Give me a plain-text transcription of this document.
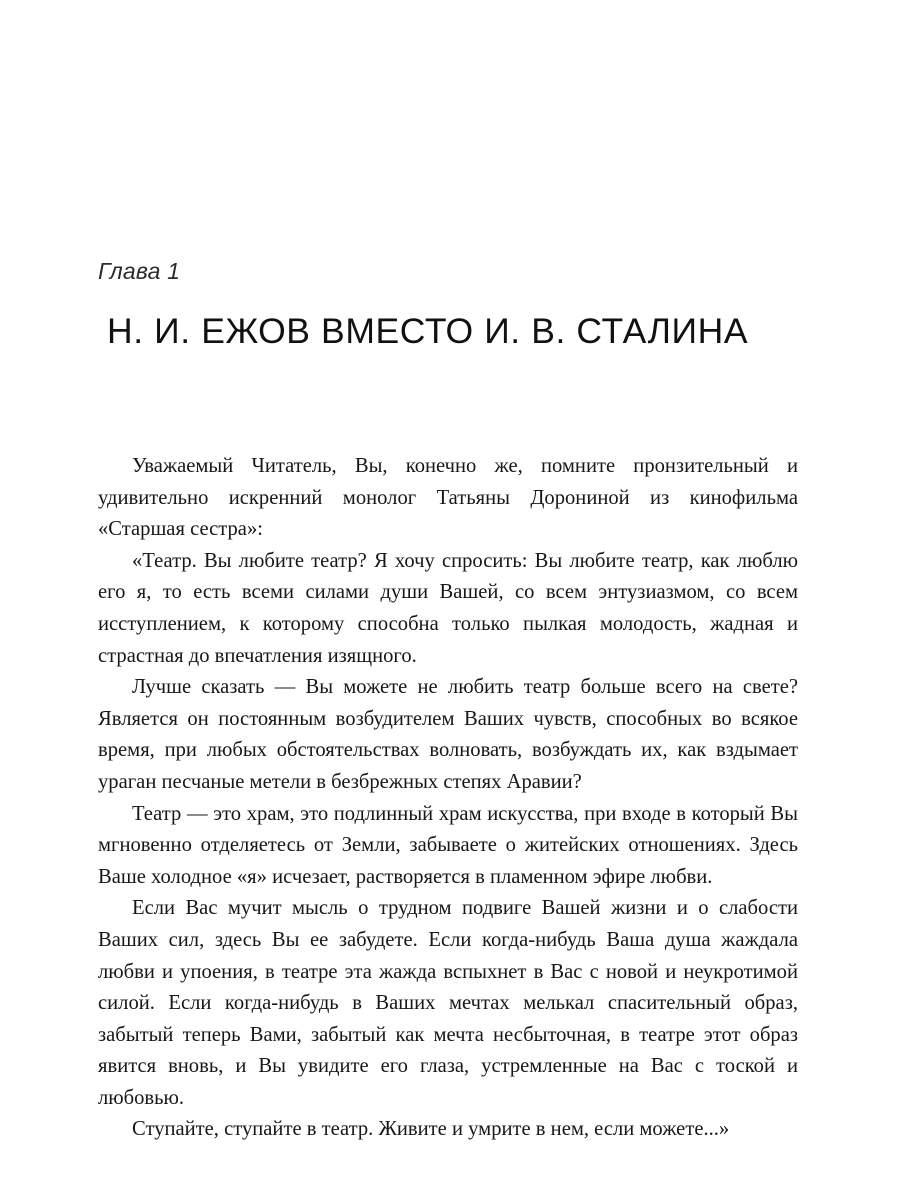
Глава 1
Н. И. ЕЖОВ ВМЕСТО И. В. СТАЛИНА

Уважаемый Читатель, Вы, конечно же, помните пронзительный и удивительно искренний монолог Татьяны Дорониной из кинофильма «Старшая сестра»:

«Театр. Вы любите театр? Я хочу спросить: Вы любите театр, как люблю его я, то есть всеми силами души Вашей, со всем энтузиазмом, со всем исступлением, к которому способна только пылкая молодость, жадная и страстная до впечатления изящного.

Лучше сказать — Вы можете не любить театр больше всего на свете? Является он постоянным возбудителем Ваших чувств, способных во всякое время, при любых обстоятельствах волновать, возбуждать их, как вздымает ураган песчаные метели в безбрежных степях Аравии?

Театр — это храм, это подлинный храм искусства, при входе в который Вы мгновенно отделяетесь от Земли, забываете о житейских отношениях. Здесь Ваше холодное «я» исчезает, растворяется в пламенном эфире любви.

Если Вас мучит мысль о трудном подвиге Вашей жизни и о слабости Ваших сил, здесь Вы ее забудете. Если когда-нибудь Ваша душа жаждала любви и упоения, в театре эта жажда вспыхнет в Вас с новой и неукротимой силой. Если когда-нибудь в Ваших мечтах мелькал спасительный образ, забытый теперь Вами, забытый как мечта несбыточная, в театре этот образ явится вновь, и Вы увидите его глаза, устремленные на Вас с тоской и любовью.

Ступайте, ступайте в театр. Живите и умрите в нем, если можете...»
